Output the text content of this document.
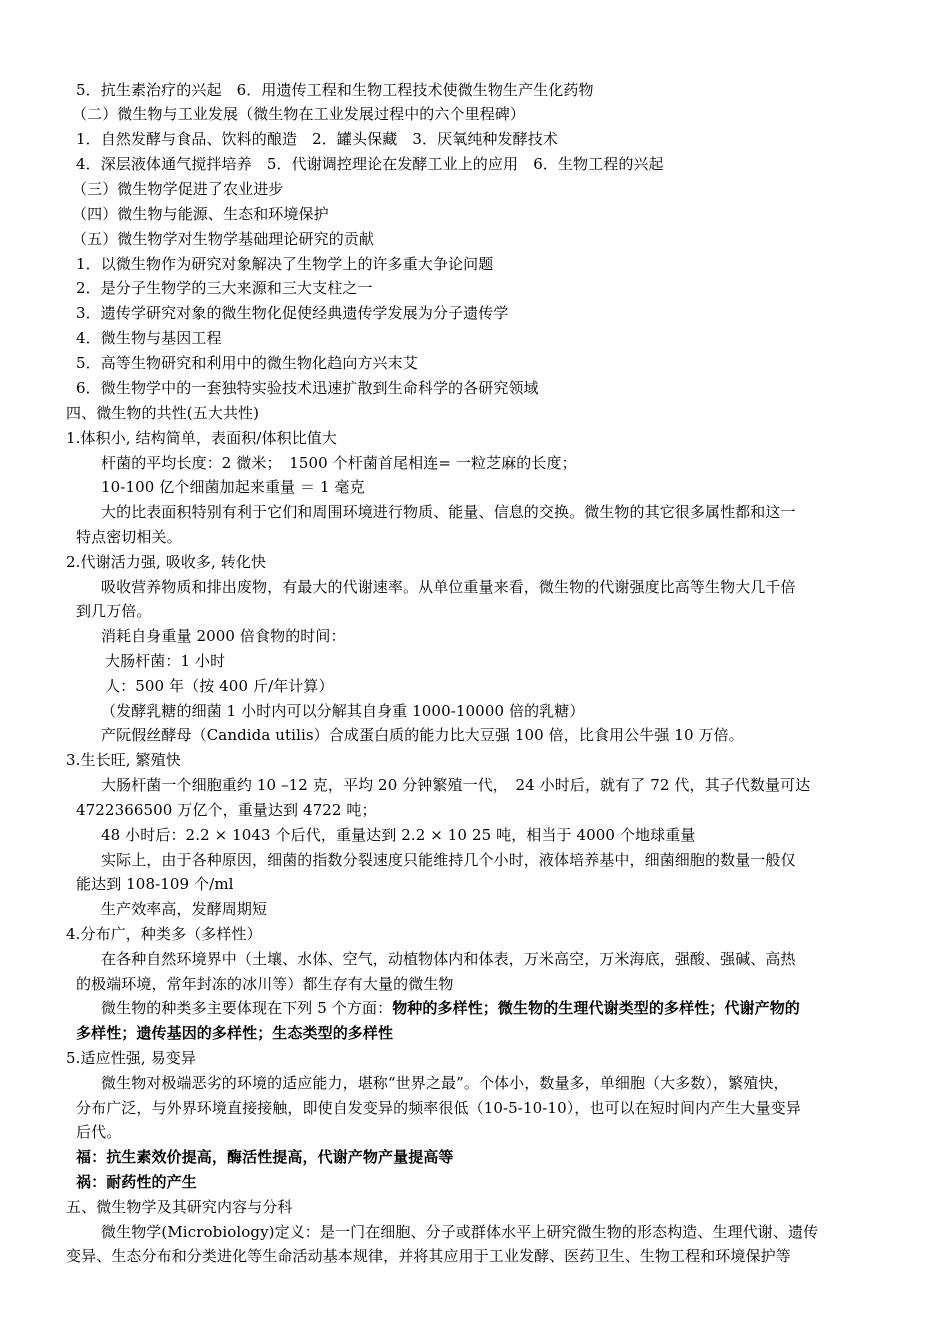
5．抗生素治疗的兴起　6．用遗传工程和生物工程技术使微生物生产生化药物
（二）微生物与工业发展（微生物在工业发展过程中的六个里程碑）
1．自然发酵与食品、饮料的酿造　2．罐头保藏　3．厌氧纯种发酵技术
4．深层液体通气搅拌培养　5．代谢调控理论在发酵工业上的应用　6．生物工程的兴起
（三）微生物学促进了农业进步
（四）微生物与能源、生态和环境保护
（五）微生物学对生物学基础理论研究的贡献
1．以微生物作为研究对象解决了生物学上的许多重大争论问题
2．是分子生物学的三大来源和三大支柱之一
3．遗传学研究对象的微生物化促使经典遗传学发展为分子遗传学
4．微生物与基因工程
5．高等生物研究和利用中的微生物化趋向方兴末艾
6．微生物学中的一套独特实验技术迅速扩散到生命科学的各研究领域
四、微生物的共性(五大共性)
1.体积小, 结构简单，表面积/体积比值大
杆菌的平均长度：2 微米；　1500 个杆菌首尾相连= 一粒芝麻的长度；
10-100 亿个细菌加起来重量 ＝ 1 毫克
大的比表面积特别有利于它们和周围环境进行物质、能量、信息的交换。微生物的其它很多属性都和这一
特点密切相关。
2.代谢活力强, 吸收多, 转化快
吸收营养物质和排出废物，有最大的代谢速率。从单位重量来看，微生物的代谢强度比高等生物大几千倍
到几万倍。
消耗自身重量 2000 倍食物的时间：
大肠杆菌：1 小时
人：500 年（按 400 斤/年计算）
（发酵乳糖的细菌 1 小时内可以分解其自身重 1000-10000 倍的乳糖）
产阮假丝酵母（Candida utilis）合成蛋白质的能力比大豆强 100 倍，比食用公牛强 10 万倍。
3.生长旺, 繁殖快
大肠杆菌一个细胞重约 10 –12 克，平均 20 分钟繁殖一代，　24 小时后，就有了 72 代，其子代数量可达
4722366500 万亿个，重量达到 4722 吨；
48 小时后：2.2 × 1043 个后代，重量达到 2.2 × 10 25 吨，相当于 4000 个地球重量
实际上，由于各种原因，细菌的指数分裂速度只能维持几个小时，液体培养基中，细菌细胞的数量一般仅
能达到 108-109 个/ml
生产效率高，发酵周期短
4.分布广，种类多（多样性）
在各种自然环境界中（土壤、水体、空气，动植物体内和体表，万米高空，万米海底，强酸、强碱、高热
的极端环境，常年封冻的冰川等）都生存有大量的微生物
微生物的种类多主要体现在下列 5 个方面：物种的多样性；微生物的生理代谢类型的多样性；代谢产物的
多样性；遗传基因的多样性；生态类型的多样性
5.适应性强, 易变异
微生物对极端恶劣的环境的适应能力，堪称“世界之最”。个体小，数量多，单细胞（大多数），繁殖快，
分布广泛，与外界环境直接接触，即使自发变异的频率很低（10-5-10-10），也可以在短时间内产生大量变异
后代。
福：抗生素效价提高，酶活性提高，代谢产物产量提高等
祸：耐药性的产生
五、微生物学及其研究内容与分科
微生物学(Microbiology)定义：是一门在细胞、分子或群体水平上研究微生物的形态构造、生理代谢、遗传
变异、生态分布和分类进化等生命活动基本规律，并将其应用于工业发酵、医药卫生、生物工程和环境保护等
